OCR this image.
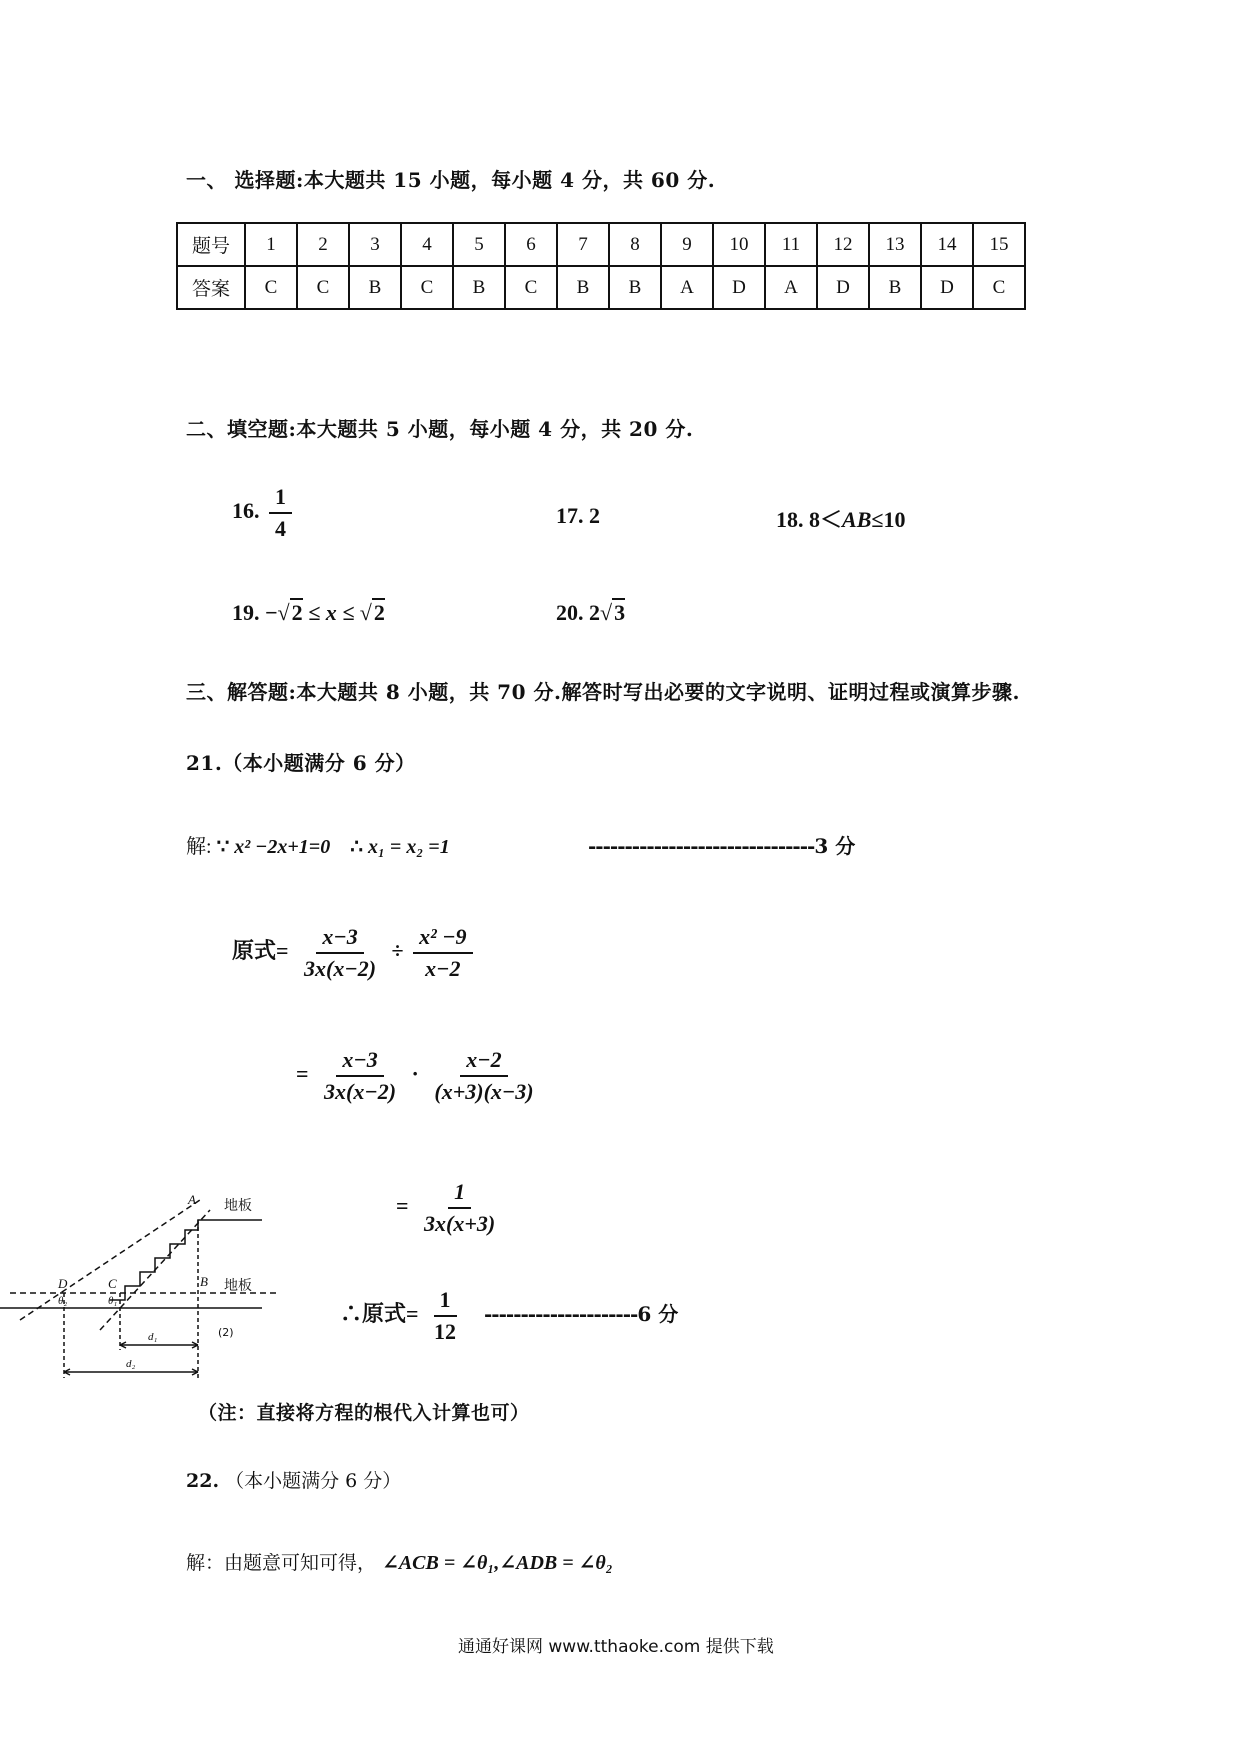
一、 选择题:本大题共 15 小题，每小题 4 分，共 60 分.
题号	1	2	3	4	5	6	7	8	9	10	11	12	13	14	15
答案	C	C	B	C	B	C	B	B	A	D	A	D	B	D	C
二、填空题:本大题共 5 小题，每小题 4 分，共 20 分.
16. $\frac{1}{4}$	17. 2	18. 8＜AB≤10
19. −√2 ≤ x ≤ √2	20. 2√3
三、解答题:本大题共 8 小题，共 70 分.解答时写出必要的文字说明、证明过程或演算步骤.
21.（本小题满分 6 分）
解: ∵ x² −2x+1=0 ∴ x₁ = x₂ =1	-------------------------------3 分
原式= $\frac{x-3}{3x(x-2)} \div \frac{\text{x² −9}}{x-2}$
= $\frac{x-3}{3x(x-2)} \cdot \frac{x-2}{(x+3)(x-3)}$
= $\frac{1}{3x(x+3)}$
∴原式= $\frac{1}{12} ---------------------6$ 分
A
B
C
D
θ₂	θ₁
d₁
d₂
地板
地板
(2)
（注：直接将方程的根代入计算也可）
22. （本小题满分 6 分）
解：由题意可知可得， ∠ACB = ∠θ₁,∠ADB = ∠θ₂
通通好课网 www.tthaoke.com 提供下载
